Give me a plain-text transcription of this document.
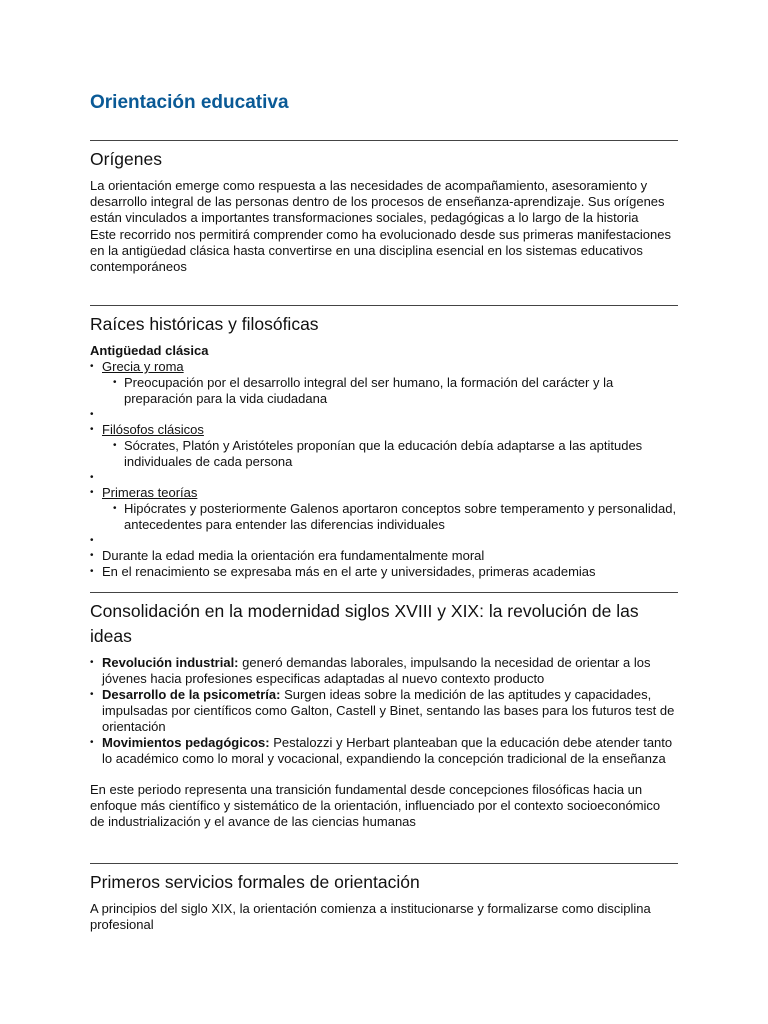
Orientación educativa
Orígenes

La orientación emerge como respuesta a las necesidades de acompañamiento, asesoramiento y desarrollo integral de las personas dentro de los procesos de enseñanza-aprendizaje. Sus orígenes están vinculados a importantes transformaciones sociales, pedagógicas a lo largo de la historia

Este recorrido nos permitirá comprender como ha evolucionado desde sus primeras manifestaciones en la antigüedad clásica hasta convertirse en una disciplina esencial en los sistemas educativos contemporáneos

Raíces históricas y filosóficas

Antigüedad clásica

• Grecia y roma
• Preocupación por el desarrollo integral del ser humano, la formación del carácter y la preparación para la vida ciudadana
•
• Filósofos clásicos
• Sócrates, Platón y Aristóteles proponían que la educación debía adaptarse a las aptitudes individuales de cada persona
•
• Primeras teorías
• Hipócrates y posteriormente Galenos aportaron conceptos sobre temperamento y personalidad, antecedentes para entender las diferencias individuales
•
• Durante la edad media la orientación era fundamentalmente moral
• En el renacimiento se expresaba más en el arte y universidades, primeras academias
Consolidación en la modernidad siglos XVIII y XIX: la revolución de las ideas
• Revolución industrial: generó demandas laborales, impulsando la necesidad de orientar a los jóvenes hacia profesiones especificas adaptadas al nuevo contexto producto
• Desarrollo de la psicometría: Surgen ideas sobre la medición de las aptitudes y capacidades, impulsadas por científicos como Galton, Castell y Binet, sentando las bases para los futuros test de orientación
• Movimientos pedagógicos: Pestalozzi y Herbart planteaban que la educación debe atender tanto lo académico como lo moral y vocacional, expandiendo la concepción tradicional de la enseñanza

En este periodo representa una transición fundamental desde concepciones filosóficas hacia un enfoque más científico y sistemático de la orientación, influenciado por el contexto socioeconómico de industrialización y el avance de las ciencias humanas

Primeros servicios formales de orientación

A principios del siglo XIX, la orientación comienza a institucionarse y formalizarse como disciplina profesional
